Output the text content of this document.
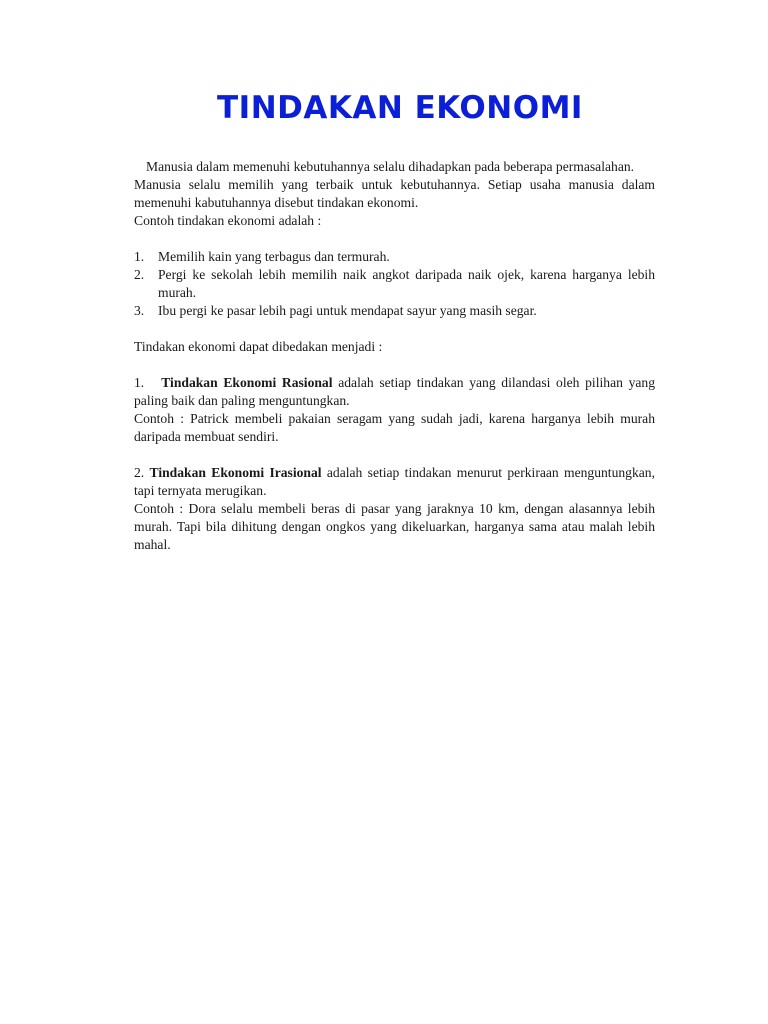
TINDAKAN EKONOMI

Manusia dalam memenuhi kebutuhannya selalu dihadapkan pada beberapa permasalahan.

Manusia selalu memilih yang terbaik untuk kebutuhannya. Setiap usaha manusia dalam memenuhi kabutuhannya disebut tindakan ekonomi.

Contoh tindakan ekonomi adalah :

1.	Memilih kain yang terbagus dan termurah.
2.	Pergi ke sekolah lebih memilih naik angkot daripada naik ojek, karena harganya lebih murah.
3.	Ibu pergi ke pasar lebih pagi untuk mendapat sayur yang masih segar.

Tindakan ekonomi dapat dibedakan menjadi :

1. Tindakan Ekonomi Rasional adalah setiap tindakan yang dilandasi oleh pilihan yang paling baik dan paling menguntungkan.

Contoh : Patrick membeli pakaian seragam yang sudah jadi, karena harganya lebih murah daripada membuat sendiri.

2. Tindakan Ekonomi Irasional adalah setiap tindakan menurut perkiraan menguntungkan, tapi ternyata merugikan.

Contoh : Dora selalu membeli beras di pasar yang jaraknya 10 km, dengan alasannya lebih murah. Tapi bila dihitung dengan ongkos yang dikeluarkan, harganya sama atau malah lebih mahal.
